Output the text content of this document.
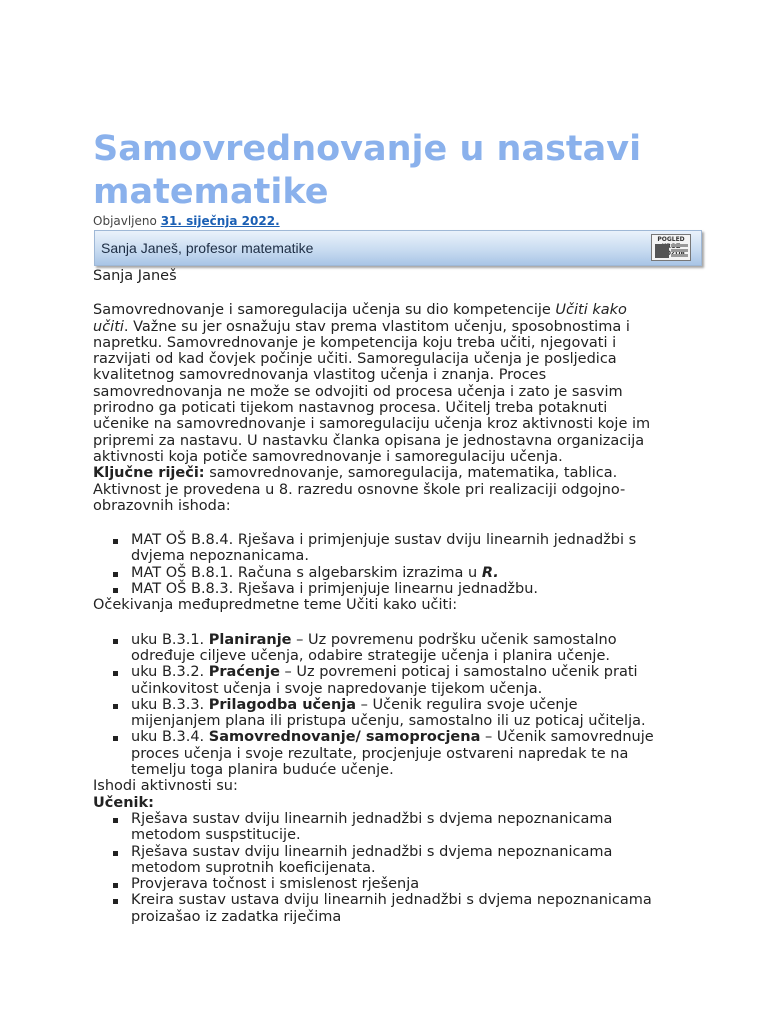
Samovrednovanje u nastavi matematike
Objavljeno 31. siječnja 2022.
Sanja Janeš, profesor matematike
POGLED

Sanja Janeš

Samovrednovanje i samoregulacija učenja su dio kompetencije Učiti kako učiti. Važne su jer osnažuju stav prema vlastitom učenju, sposobnostima i napretku. Samovrednovanje je kompetencija koju treba učiti, njegovati i razvijati od kad čovjek počinje učiti. Samoregulacija učenja je posljedica kvalitetnog samovrednovanja vlastitog učenja i znanja. Proces samovrednovanja ne može se odvojiti od procesa učenja i zato je sasvim prirodno ga poticati tijekom nastavnog procesa. Učitelj treba potaknuti učenike na samovrednovanje i samoregulaciju učenja kroz aktivnosti koje im pripremi za nastavu. U nastavku članka opisana je jednostavna organizacija aktivnosti koja potiče samovrednovanje i samoregulaciju učenja.

Ključne riječi: samovrednovanje, samoregulacija, matematika, tablica.

Aktivnost je provedena u 8. razredu osnovne škole pri realizaciji odgojno-obrazovnih ishoda:

MAT OŠ B.8.4. Rješava i primjenjuje sustav dviju linearnih jednadžbi s dvjema nepoznanicama.
MAT OŠ B.8.1. Računa s algebarskim izrazima u R.
MAT OŠ B.8.3. Rješava i primjenjuje linearnu jednadžbu.

Očekivanja međupredmetne teme Učiti kako učiti:

uku B.3.1. Planiranje – Uz povremenu podršku učenik samostalno određuje ciljeve učenja, odabire strategije učenja i planira učenje.
uku B.3.2. Praćenje – Uz povremeni poticaj i samostalno učenik prati učinkovitost učenja i svoje napredovanje tijekom učenja.
uku B.3.3. Prilagodba učenja – Učenik regulira svoje učenje mijenjanjem plana ili pristupa učenju, samostalno ili uz poticaj učitelja.
uku B.3.4. Samovrednovanje/ samoprocjena – Učenik samovrednuje proces učenja i svoje rezultate, procjenjuje ostvareni napredak te na temelju toga planira buduće učenje.

Ishodi aktivnosti su:

Učenik:

Rješava sustav dviju linearnih jednadžbi s dvjema nepoznanicama metodom suspstitucije.
Rješava sustav dviju linearnih jednadžbi s dvjema nepoznanicama metodom suprotnih koeficijenata.
Provjerava točnost i smislenost rješenja
Kreira sustav ustava dviju linearnih jednadžbi s dvjema nepoznanicama proizašao iz zadatka riječima
